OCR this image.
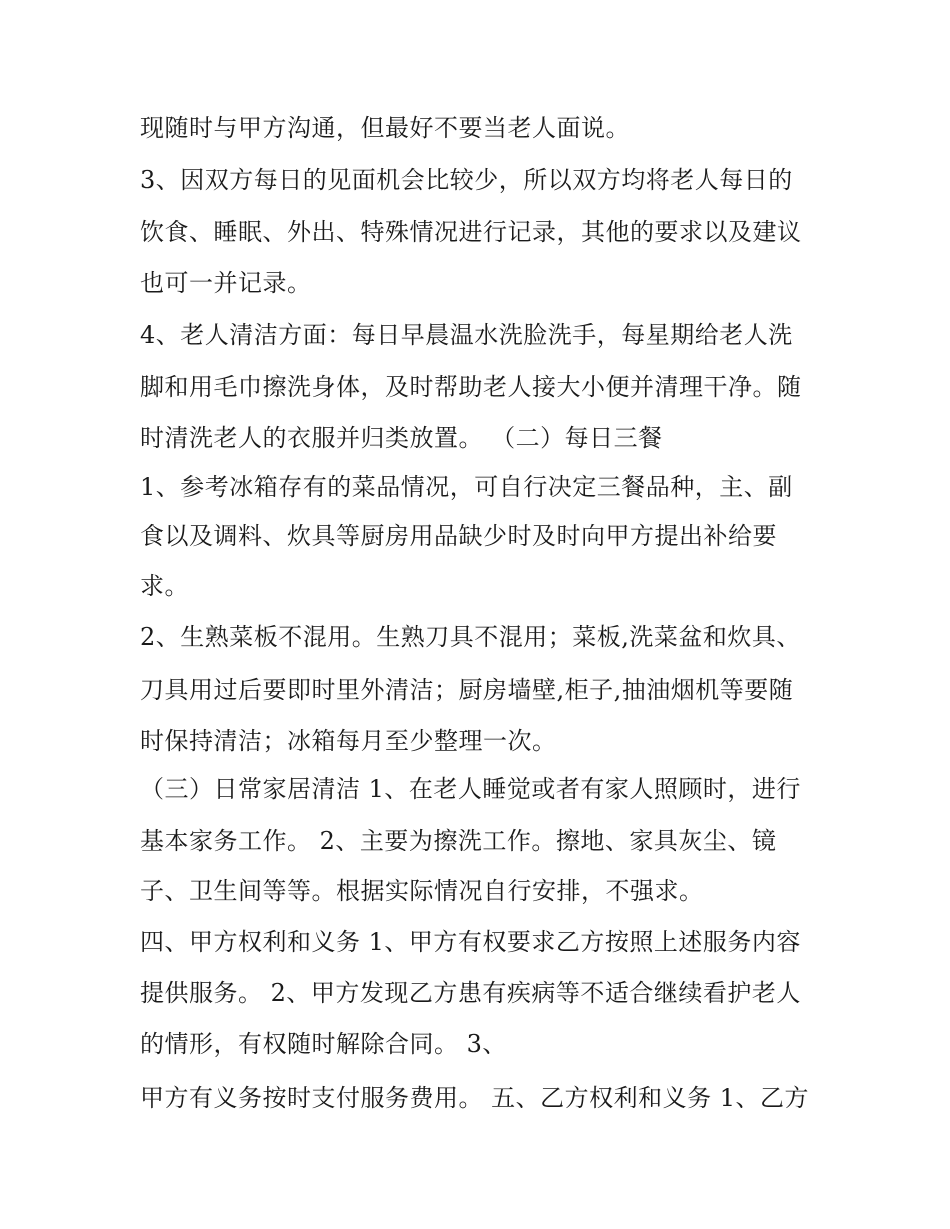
现随时与甲方沟通，但最好不要当老人面说。
3、因双方每日的见面机会比较少，所以双方均将老人每日的
饮食、睡眠、外出、特殊情况进行记录，其他的要求以及建议
也可一并记录。
4、老人清洁方面：每日早晨温水洗脸洗手，每星期给老人洗
脚和用毛巾擦洗身体，及时帮助老人接大小便并清理干净。随
时清洗老人的衣服并归类放置。 （二）每日三餐
1、参考冰箱存有的菜品情况，可自行决定三餐品种，主、副
食以及调料、炊具等厨房用品缺少时及时向甲方提出补给要
求。
2、生熟菜板不混用。生熟刀具不混用；菜板,洗菜盆和炊具、
刀具用过后要即时里外清洁；厨房墙壁,柜子,抽油烟机等要随
时保持清洁；冰箱每月至少整理一次。
（三）日常家居清洁 1、在老人睡觉或者有家人照顾时，进行
基本家务工作。 2、主要为擦洗工作。擦地、家具灰尘、镜
子、卫生间等等。根据实际情况自行安排，不强求。
四、甲方权利和义务 1、甲方有权要求乙方按照上述服务内容
提供服务。 2、甲方发现乙方患有疾病等不适合继续看护老人
的情形，有权随时解除合同。 3、
甲方有义务按时支付服务费用。 五、乙方权利和义务 1、乙方
